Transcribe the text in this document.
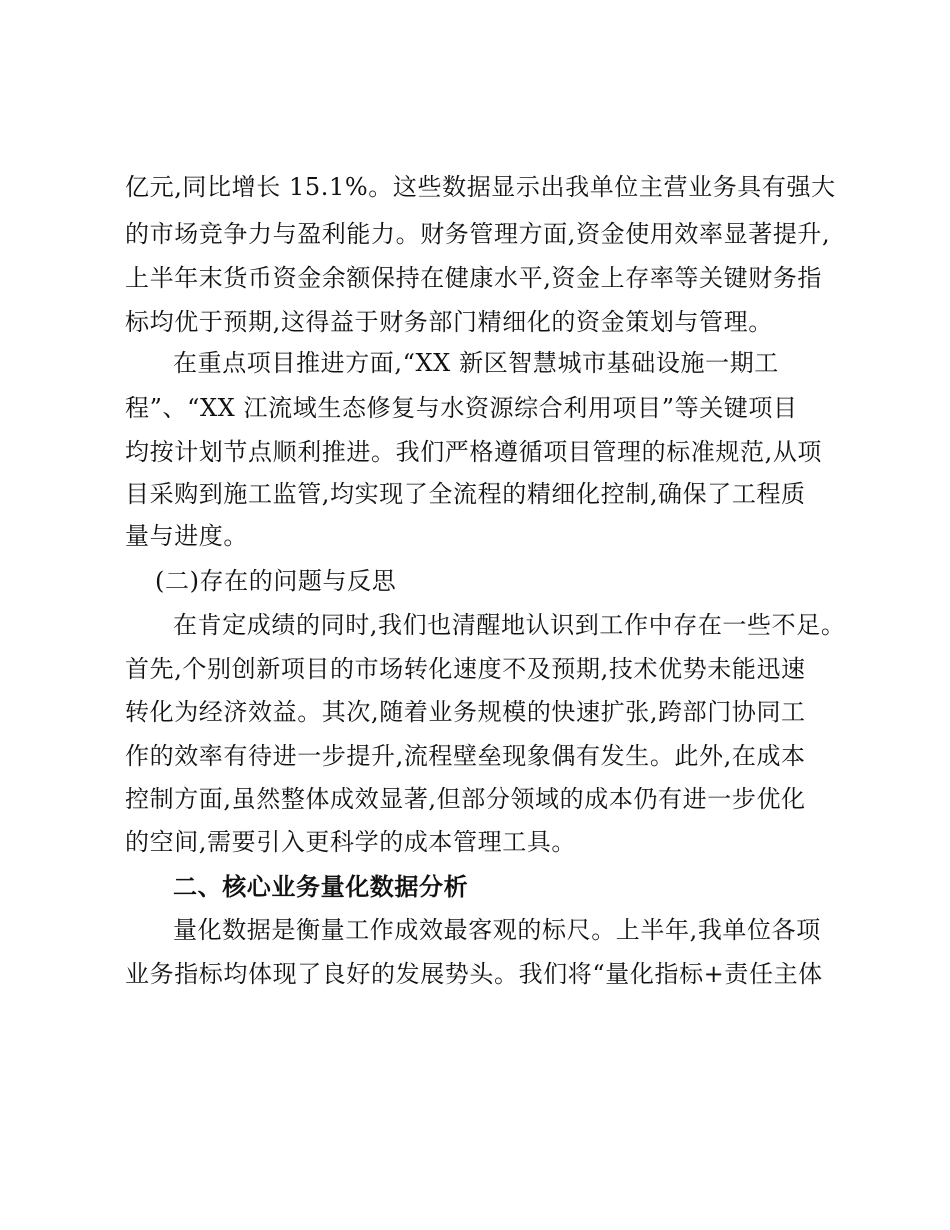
亿元,同比增长 15.1%。这些数据显示出我单位主营业务具有强大
的市场竞争力与盈利能力。财务管理方面,资金使用效率显著提升,
上半年末货币资金余额保持在健康水平,资金上存率等关键财务指
标均优于预期,这得益于财务部门精细化的资金策划与管理。
在重点项目推进方面,“XX 新区智慧城市基础设施一期工
程”、“XX 江流域生态修复与水资源综合利用项目”等关键项目
均按计划节点顺利推进。我们严格遵循项目管理的标准规范,从项
目采购到施工监管,均实现了全流程的精细化控制,确保了工程质
量与进度。
(二)存在的问题与反思
在肯定成绩的同时,我们也清醒地认识到工作中存在一些不足。
首先,个别创新项目的市场转化速度不及预期,技术优势未能迅速
转化为经济效益。其次,随着业务规模的快速扩张,跨部门协同工
作的效率有待进一步提升,流程壁垒现象偶有发生。此外,在成本
控制方面,虽然整体成效显著,但部分领域的成本仍有进一步优化
的空间,需要引入更科学的成本管理工具。
二、核心业务量化数据分析
量化数据是衡量工作成效最客观的标尺。上半年,我单位各项
业务指标均体现了良好的发展势头。我们将“量化指标+责任主体
